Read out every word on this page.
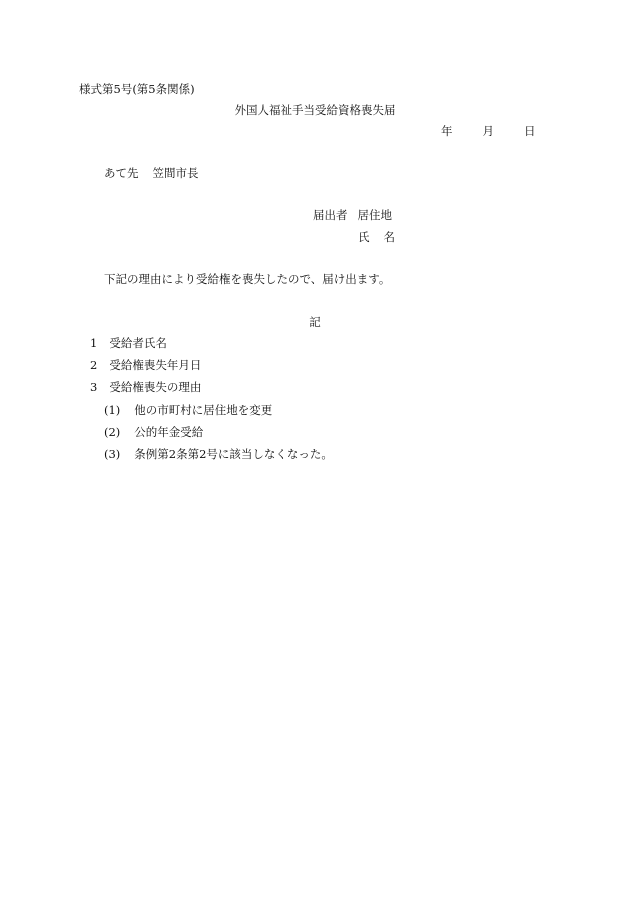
様式第5号(第5条関係)
外国人福祉手当受給資格喪失届
年	月	日
あて先 笠間市長
届出者 居住地
氏 名
下記の理由により受給権を喪失したので、届け出ます。
記
1 受給者氏名
2 受給権喪失年月日
3 受給権喪失の理由
(1) 他の市町村に居住地を変更
(2) 公的年金受給
(3) 条例第2条第2号に該当しなくなった。
